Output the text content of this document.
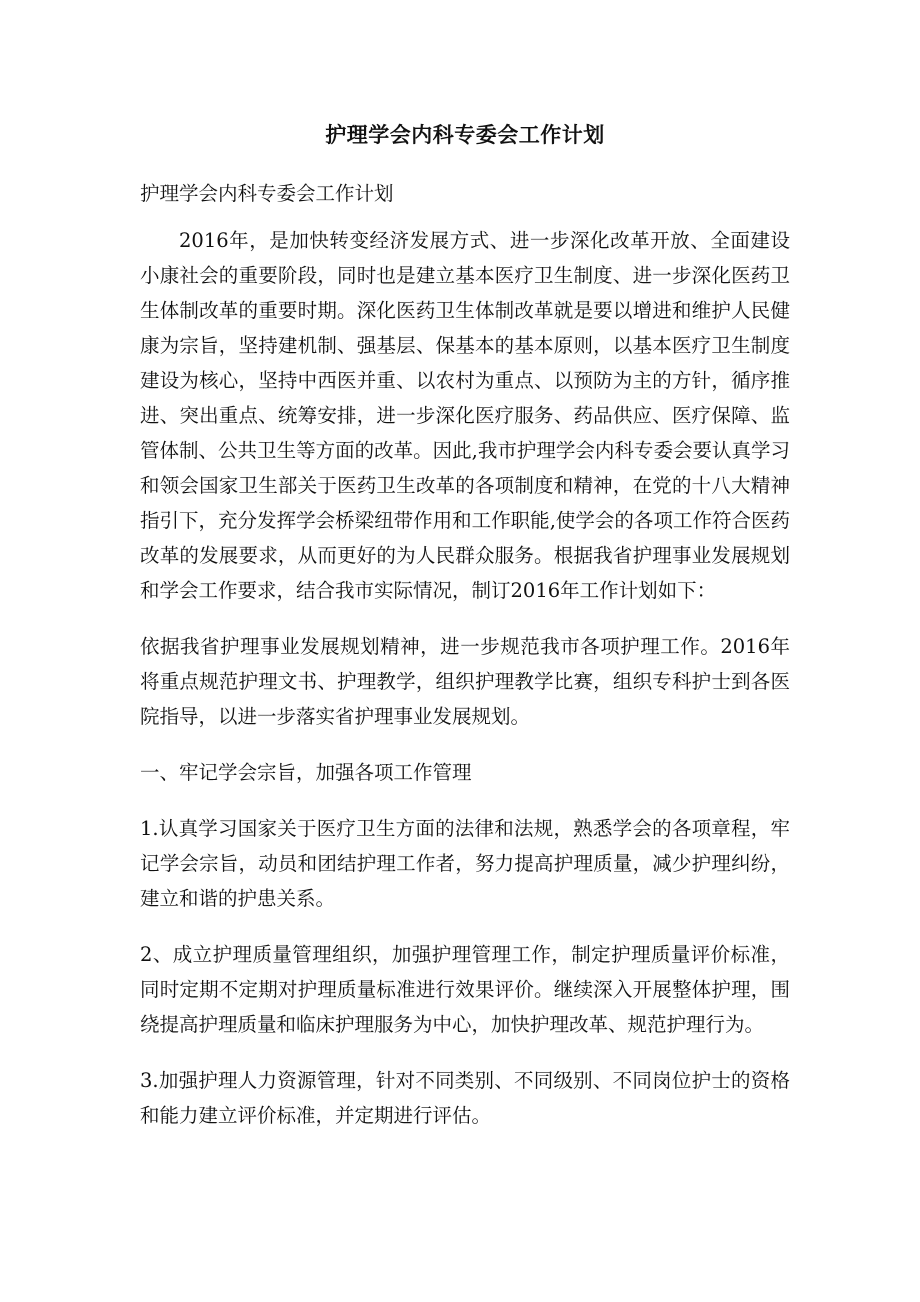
护理学会内科专委会工作计划

护理学会内科专委会工作计划

2016年，是加快转变经济发展方式、进一步深化改革开放、全面建设小康社会的重要阶段，同时也是建立基本医疗卫生制度、进一步深化医药卫生体制改革的重要时期。深化医药卫生体制改革就是要以增进和维护人民健康为宗旨，坚持建机制、强基层、保基本的基本原则，以基本医疗卫生制度建设为核心，坚持中西医并重、以农村为重点、以预防为主的方针，循序推进、突出重点、统筹安排，进一步深化医疗服务、药品供应、医疗保障、监管体制、公共卫生等方面的改革。因此,我市护理学会内科专委会要认真学习和领会国家卫生部关于医药卫生改革的各项制度和精神，在党的十八大精神指引下，充分发挥学会桥梁纽带作用和工作职能,使学会的各项工作符合医药改革的发展要求，从而更好的为人民群众服务。根据我省护理事业发展规划和学会工作要求，结合我市实际情况，制订2016年工作计划如下：

依据我省护理事业发展规划精神，进一步规范我市各项护理工作。2016年将重点规范护理文书、护理教学，组织护理教学比赛，组织专科护士到各医院指导，以进一步落实省护理事业发展规划。

一、牢记学会宗旨，加强各项工作管理

1.认真学习国家关于医疗卫生方面的法律和法规，熟悉学会的各项章程，牢记学会宗旨，动员和团结护理工作者，努力提高护理质量，减少护理纠纷，建立和谐的护患关系。

2、成立护理质量管理组织，加强护理管理工作，制定护理质量评价标准，同时定期不定期对护理质量标准进行效果评价。继续深入开展整体护理，围绕提高护理质量和临床护理服务为中心，加快护理改革、规范护理行为。

3.加强护理人力资源管理，针对不同类别、不同级别、不同岗位护士的资格和能力建立评价标准，并定期进行评估。
